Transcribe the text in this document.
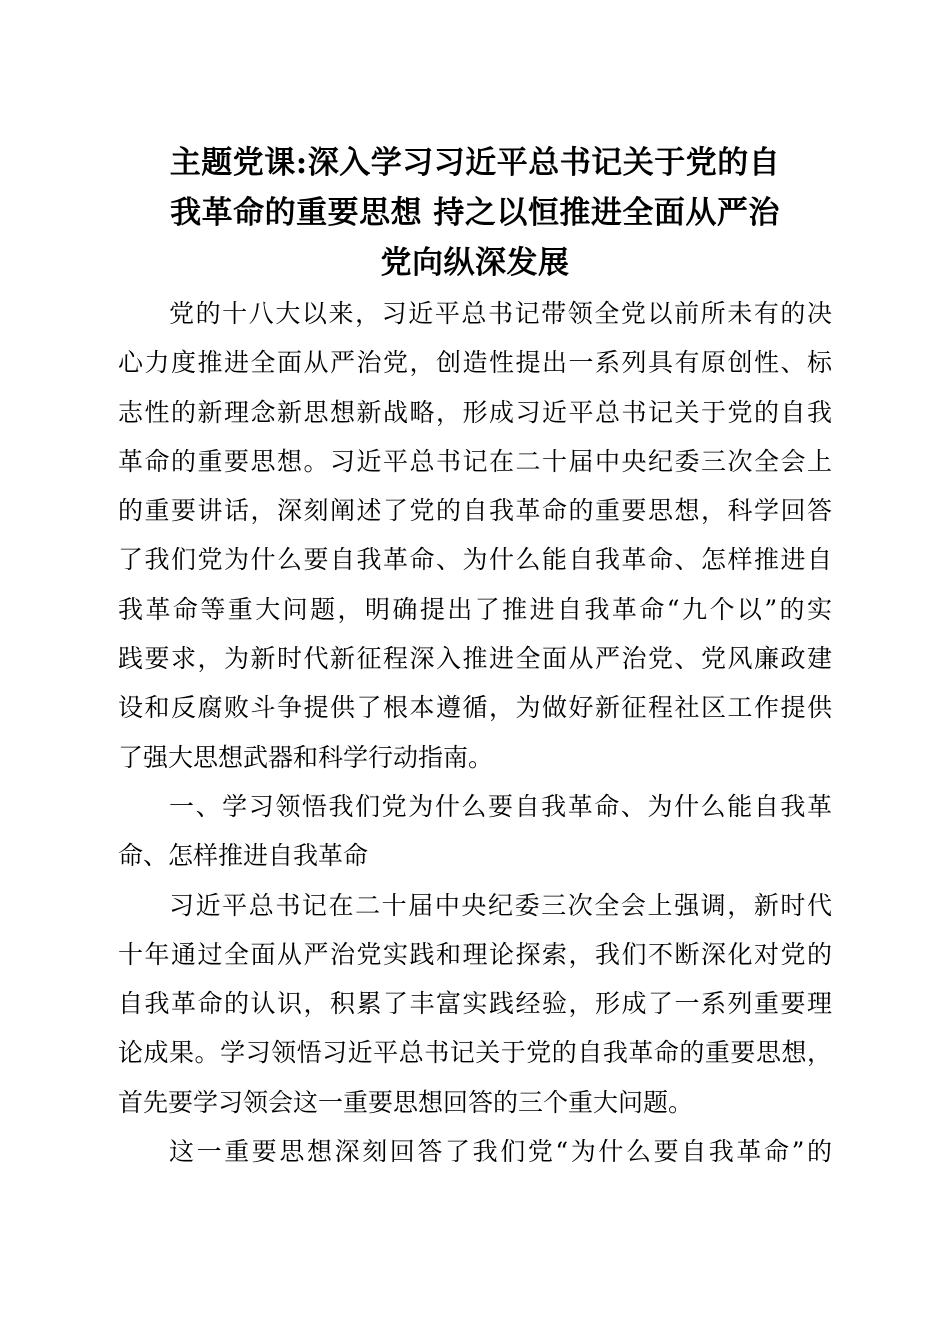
主题党课:深入学习习近平总书记关于党的自
我革命的重要思想 持之以恒推进全面从严治
党向纵深发展

党的十八大以来，习近平总书记带领全党以前所未有的决
心力度推进全面从严治党，创造性提出一系列具有原创性、标
志性的新理念新思想新战略，形成习近平总书记关于党的自我
革命的重要思想。习近平总书记在二十届中央纪委三次全会上
的重要讲话，深刻阐述了党的自我革命的重要思想，科学回答
了我们党为什么要自我革命、为什么能自我革命、怎样推进自
我革命等重大问题，明确提出了推进自我革命“九个以”的实
践要求，为新时代新征程深入推进全面从严治党、党风廉政建
设和反腐败斗争提供了根本遵循，为做好新征程社区工作提供
了强大思想武器和科学行动指南。

一、学习领悟我们党为什么要自我革命、为什么能自我革
命、怎样推进自我革命

习近平总书记在二十届中央纪委三次全会上强调，新时代
十年通过全面从严治党实践和理论探索，我们不断深化对党的
自我革命的认识，积累了丰富实践经验，形成了一系列重要理
论成果。学习领悟习近平总书记关于党的自我革命的重要思想，
首先要学习领会这一重要思想回答的三个重大问题。

这一重要思想深刻回答了我们党“为什么要自我革命”的
